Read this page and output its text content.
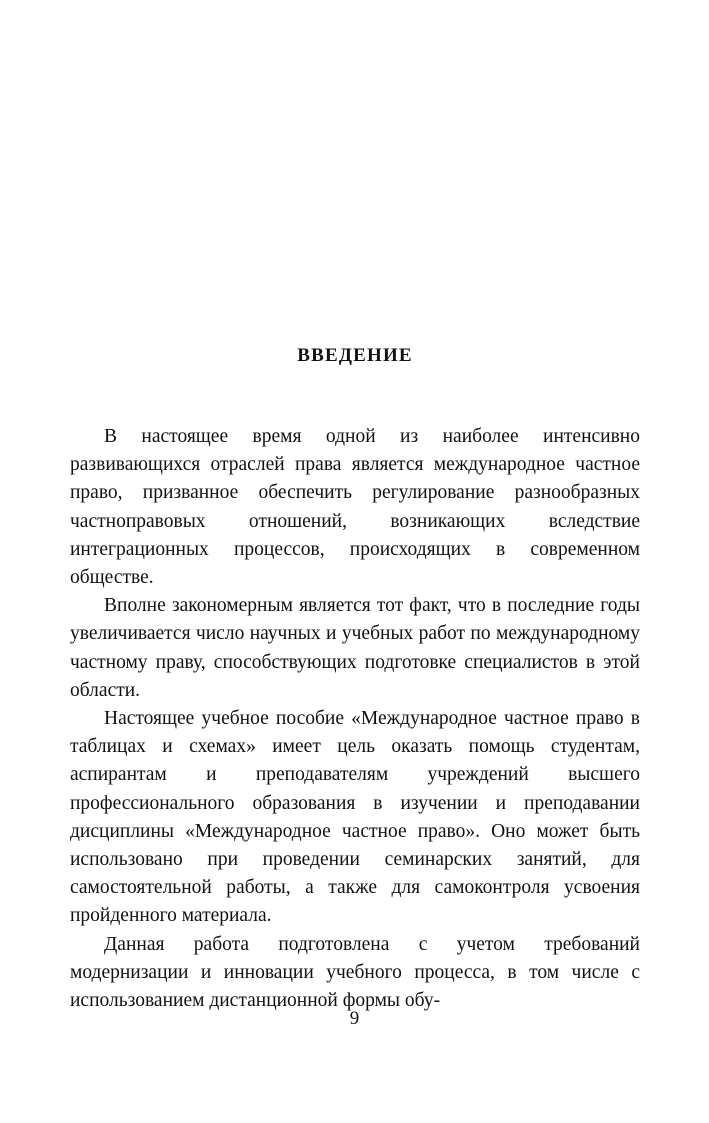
ВВЕДЕНИЕ

В настоящее время одной из наиболее интенсивно развивающихся отраслей права является международное частное право, призванное обеспечить регулирование разнообразных частноправовых отношений, возникающих вследствие интеграционных процессов, происходящих в современном обществе.

Вполне закономерным является тот факт, что в последние годы увеличивается число научных и учебных работ по международному частному праву, способствующих подготовке специалистов в этой области.

Настоящее учебное пособие «Международное частное право в таблицах и схемах» имеет цель оказать помощь студентам, аспирантам и преподавателям учреждений высшего профессионального образования в изучении и преподавании дисциплины «Международное частное право». Оно может быть использовано при проведении семинарских занятий, для самостоятельной работы, а также для самоконтроля усвоения пройденного материала.

Данная работа подготовлена с учетом требований модернизации и инновации учебного процесса, в том числе с использованием дистанционной формы обу-

9
